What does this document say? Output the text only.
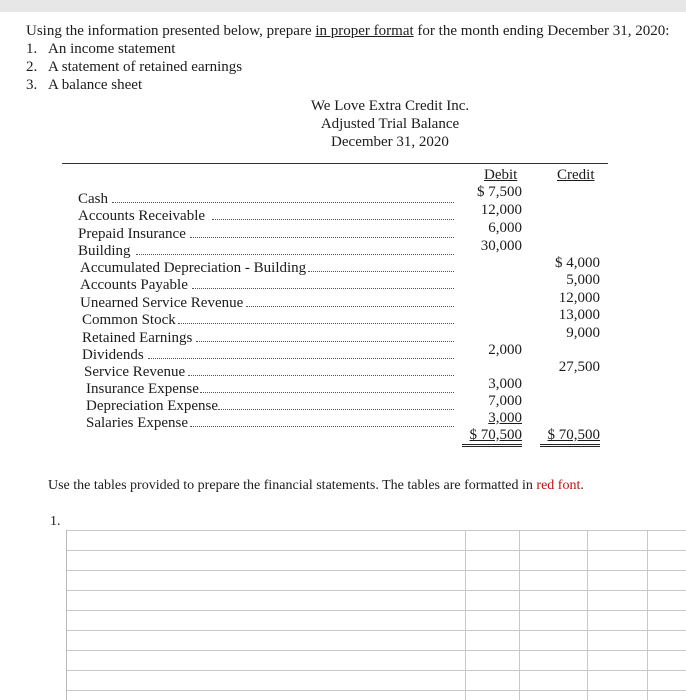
Using the information presented below, prepare in proper format for the month ending December 31, 2020:
1. An income statement
2. A statement of retained earnings
3. A balance sheet
We Love Extra Credit Inc.
Adjusted Trial Balance
December 31, 2020
Debit	Credit
Cash
Accounts Receivable
Prepaid Insurance
Building
Accumulated Depreciation - Building
Accounts Payable
Unearned Service Revenue
Common Stock
Retained Earnings
Dividends
Service Revenue
Insurance Expense
Depreciation Expense
Salaries Expense
$ 7,500
12,000
6,000
30,000
2,000
3,000
7,000
3,000
$ 70,500
$ 4,000
5,000
12,000
13,000
9,000
27,500
$ 70,500
Use the tables provided to prepare the financial statements. The tables are formatted in red font.
1.
